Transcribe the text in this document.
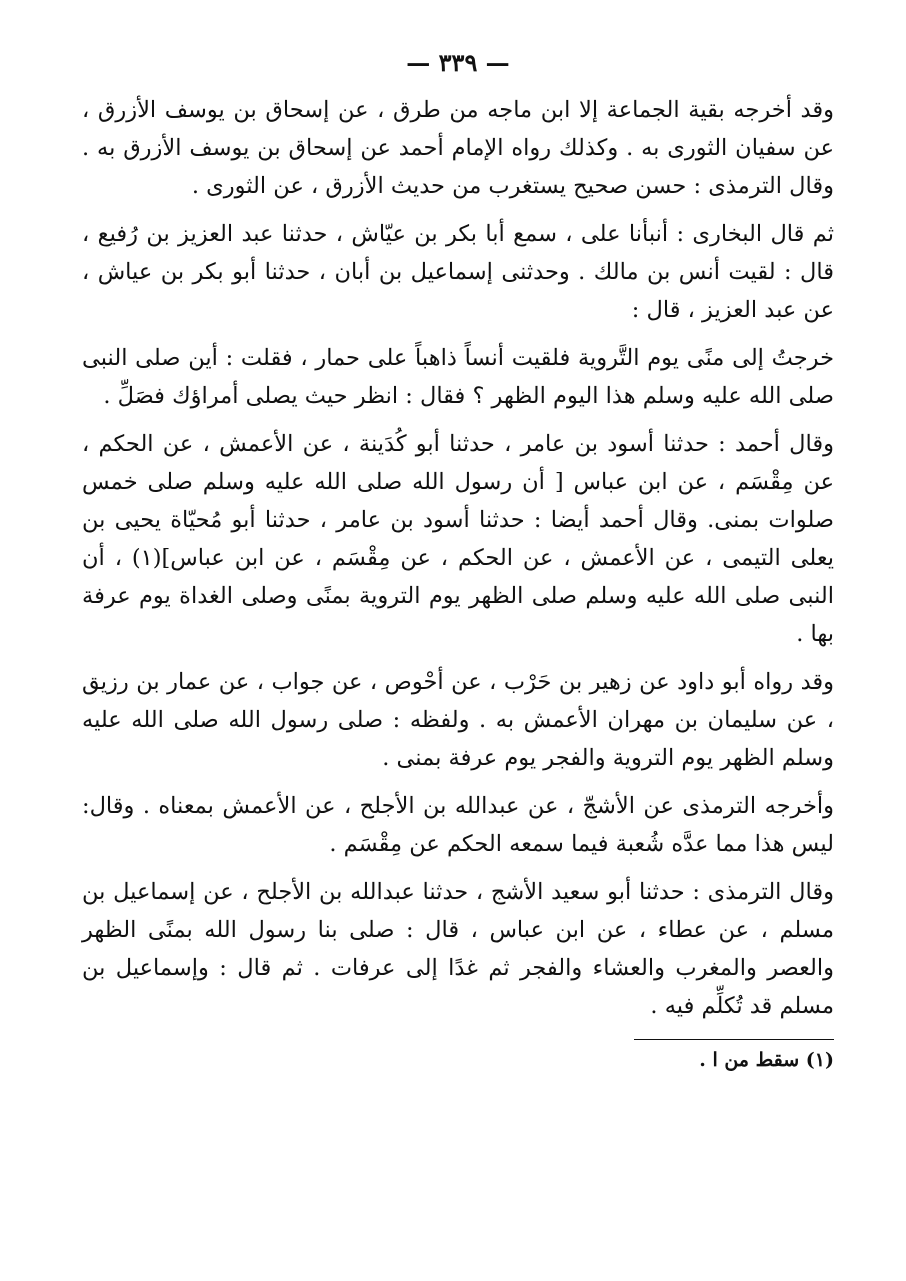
— ٣٣٩ —
وقد أخرجه بقية الجماعة إلا ابن ماجه من طرق ، عن إسحاق بن يوسف الأزرق ، عن سفيان الثورى به . وكذلك رواه الإمام أحمد عن إسحاق بن يوسف الأزرق به . وقال الترمذى : حسن صحيح يستغرب من حديث الأزرق ، عن الثورى .
ثم قال البخارى : أنبأنا على ، سمع أبا بكر بن عيّاش ، حدثنا عبد العزيز بن رُفيع ، قال : لقيت أنس بن مالك . وحدثنى إسماعيل بن أبان ، حدثنا أبو بكر بن عياش ، عن عبد العزيز ، قال :
خرجتُ إلى منًى يوم التَّروية فلقيت أنساً ذاهباً على حمار ، فقلت : أين صلى النبى صلى الله عليه وسلم هذا اليوم الظهر ؟ فقال : انظر حيث يصلى أمراؤك فصَلِّ .
وقال أحمد : حدثنا أسود بن عامر ، حدثنا أبو كُدَينة ، عن الأعمش ، عن الحكم ، عن مِقْسَم ، عن ابن عباس [ أن رسول الله صلى الله عليه وسلم صلى خمس صلوات بمنى. وقال أحمد أيضا : حدثنا أسود بن عامر ، حدثنا أبو مُحيّاة يحيى بن يعلى التيمى ، عن الأعمش ، عن الحكم ، عن مِقْسَم ، عن ابن عباس](١) ، أن النبى صلى الله عليه وسلم صلى الظهر يوم التروية بمنًى وصلى الغداة يوم عرفة بها .
وقد رواه أبو داود عن زهير بن حَرْب ، عن أحْوص ، عن جواب ، عن عمار بن رزيق ، عن سليمان بن مهران الأعمش به . ولفظه : صلى رسول الله صلى الله عليه وسلم الظهر يوم التروية والفجر يوم عرفة بمنى .
وأخرجه الترمذى عن الأشجّ ، عن عبدالله بن الأجلح ، عن الأعمش بمعناه . وقال: ليس هذا مما عدَّه شُعبة فيما سمعه الحكم عن مِقْسَم .
وقال الترمذى : حدثنا أبو سعيد الأشج ، حدثنا عبدالله بن الأجلح ، عن إسماعيل بن مسلم ، عن عطاء ، عن ابن عباس ، قال : صلى بنا رسول الله بمنًى الظهر والعصر والمغرب والعشاء والفجر ثم غدًا إلى عرفات . ثم قال : وإسماعيل بن مسلم قد تُكلِّم فيه .
(١) سقط من ا .
